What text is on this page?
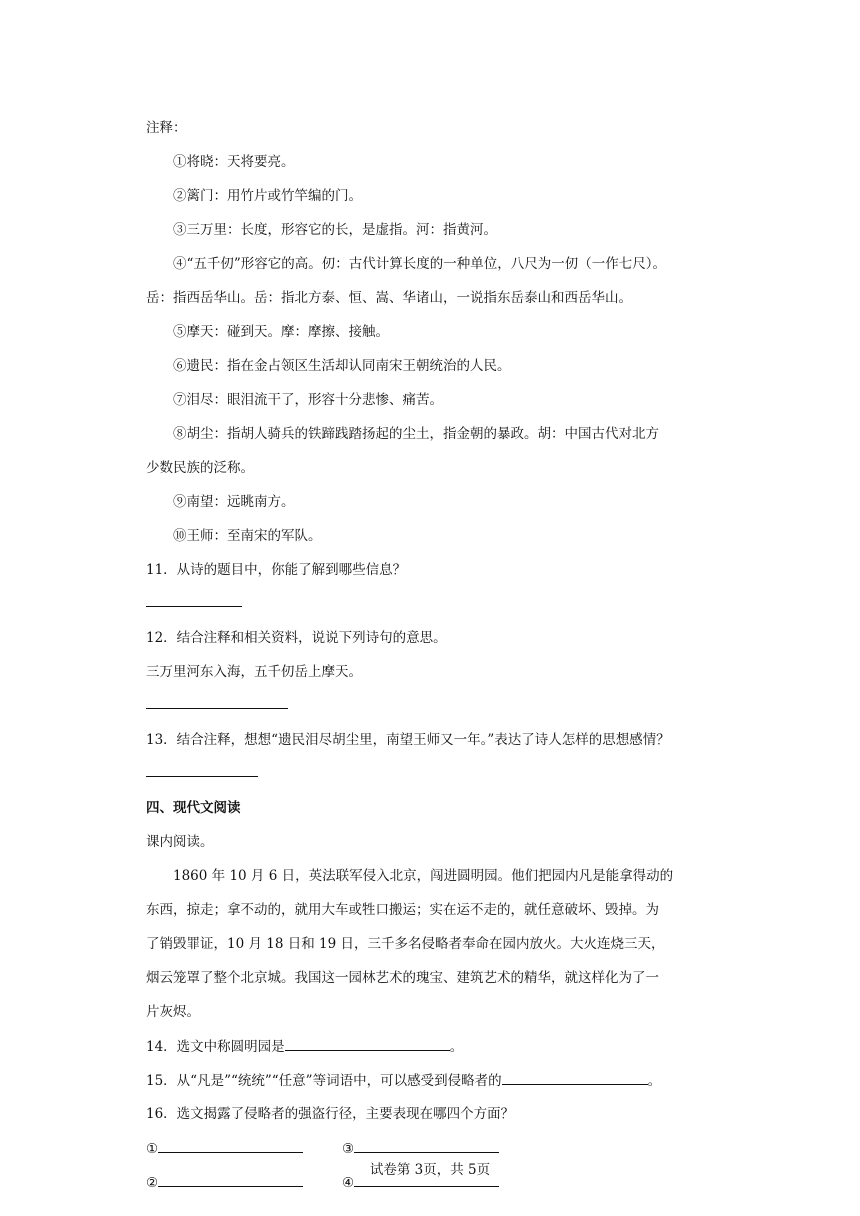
注释：
①将晓：天将要亮。
②篱门：用竹片或竹竿编的门。
③三万里：长度，形容它的长，是虚指。河：指黄河。
④“五千仞”形容它的高。仞：古代计算长度的一种单位，八尺为一仞（一作七尺）。
岳：指西岳华山。岳：指北方泰、恒、嵩、华诸山，一说指东岳泰山和西岳华山。
⑤摩天：碰到天。摩：摩擦、接触。
⑥遗民：指在金占领区生活却认同南宋王朝统治的人民。
⑦泪尽：眼泪流干了，形容十分悲惨、痛苦。
⑧胡尘：指胡人骑兵的铁蹄践踏扬起的尘土，指金朝的暴政。胡：中国古代对北方
少数民族的泛称。
⑨南望：远眺南方。
⑩王师：至南宋的军队。
11．从诗的题目中，你能了解到哪些信息？
12．结合注释和相关资料，说说下列诗句的意思。
三万里河东入海，五千仞岳上摩天。
13．结合注释，想想“遗民泪尽胡尘里，南望王师又一年。”表达了诗人怎样的思想感情？
四、现代文阅读
课内阅读。
1860 年 10 月 6 日，英法联军侵入北京，闯进圆明园。他们把园内凡是能拿得动的
东西，掠走；拿不动的，就用大车或牲口搬运；实在运不走的，就任意破坏、毁掉。为
了销毁罪证，10 月 18 日和 19 日，三千多名侵略者奉命在园内放火。大火连烧三天，
烟云笼罩了整个北京城。我国这一园林艺术的瑰宝、建筑艺术的精华，就这样化为了一
片灰烬。
14．选文中称圆明园是	。
15．从“凡是”“统统”“任意”等词语中，可以感受到侵略者的	。
试卷第 3页，共 5页
16．选文揭露了侵略者的强盗行径，主要表现在哪四个方面？
①	③
②	④
